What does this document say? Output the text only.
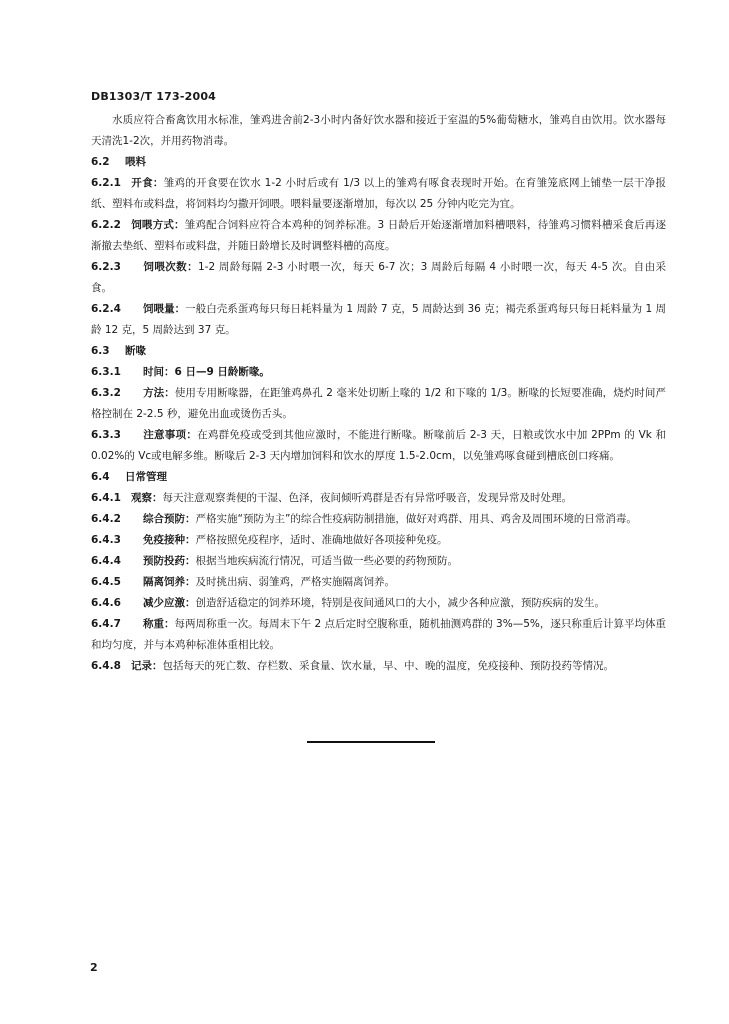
DB1303/T 173-2004

水质应符合畜禽饮用水标准，雏鸡进舍前2-3小时内备好饮水器和接近于室温的5%葡萄糖水，雏鸡自由饮用。饮水器每天清洗1-2次，并用药物消毒。

6.2 喂料

6.2.1 开食：雏鸡的开食要在饮水 1-2 小时后或有 1/3 以上的雏鸡有啄食表现时开始。在育雏笼底网上铺垫一层干净报纸、塑料布或料盘，将饲料均匀撒开饲喂。喂料量要逐渐增加，每次以 25 分钟内吃完为宜。

6.2.2 饲喂方式：雏鸡配合饲料应符合本鸡种的饲养标准。3 日龄后开始逐渐增加料槽喂料，待雏鸡习惯料槽采食后再逐渐撤去垫纸、塑料布或料盘，并随日龄增长及时调整料槽的高度。

6.2.3 饲喂次数：1-2 周龄每隔 2-3 小时喂一次，每天 6-7 次；3 周龄后每隔 4 小时喂一次，每天 4-5 次。自由采食。

6.2.4 饲喂量：一般白壳系蛋鸡每只每日耗料量为 1 周龄 7 克，5 周龄达到 36 克；褐壳系蛋鸡每只每日耗料量为 1 周龄 12 克，5 周龄达到 37 克。

6.3 断喙

6.3.1 时间：6 日—9 日龄断喙。

6.3.2 方法：使用专用断喙器，在距雏鸡鼻孔 2 毫米处切断上喙的 1/2 和下喙的 1/3。断喙的长短要准确，烧灼时间严格控制在 2-2.5 秒，避免出血或烫伤舌头。

6.3.3 注意事项：在鸡群免疫或受到其他应激时，不能进行断喙。断喙前后 2-3 天，日粮或饮水中加 2PPm 的 Vk 和 0.02%的 Vc或电解多维。断喙后 2-3 天内增加饲料和饮水的厚度 1.5-2.0cm，以免雏鸡啄食碰到槽底创口疼痛。

6.4 日常管理

6.4.1 观察：每天注意观察粪便的干湿、色泽，夜间倾听鸡群是否有异常呼吸音，发现异常及时处理。

6.4.2 综合预防：严格实施“预防为主”的综合性疫病防制措施，做好对鸡群、用具、鸡舍及周围环境的日常消毒。

6.4.3 免疫接种：严格按照免疫程序，适时、准确地做好各项接种免疫。

6.4.4 预防投药：根据当地疾病流行情况，可适当做一些必要的药物预防。

6.4.5 隔离饲养：及时挑出病、弱雏鸡，严格实施隔离饲养。

6.4.6 减少应激：创造舒适稳定的饲养环境，特别是夜间通风口的大小，减少各种应激，预防疾病的发生。

6.4.7 称重：每两周称重一次。每周末下午 2 点后定时空腹称重，随机抽测鸡群的 3%—5%，逐只称重后计算平均体重和均匀度，并与本鸡种标准体重相比较。

6.4.8 记录：包括每天的死亡数、存栏数、采食量、饮水量，早、中、晚的温度，免疫接种、预防投药等情况。

2
